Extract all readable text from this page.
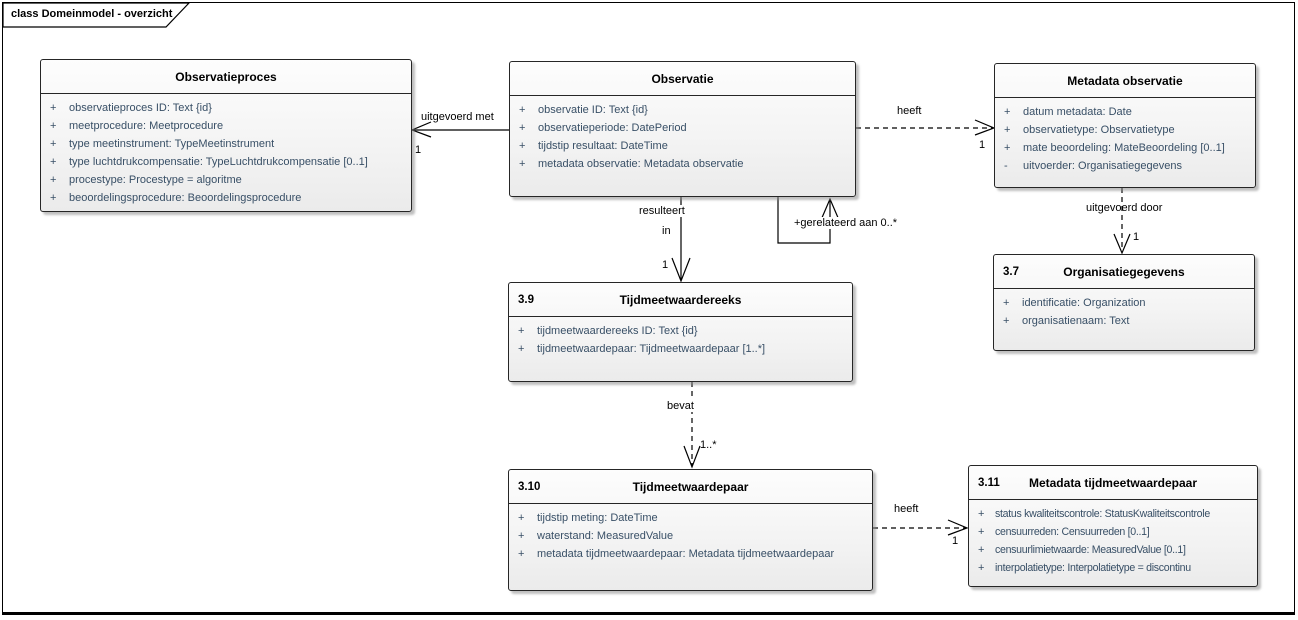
class Domeinmodel - overzicht
Observatieproces
+	observatieproces ID: Text {id}
+	meetprocedure: Meetprocedure
+	type meetinstrument: TypeMeetinstrument
+	type luchtdrukcompensatie: TypeLuchtdrukcompensatie [0..1]
+	procestype: Procestype = algoritme
+	beoordelingsprocedure: Beoordelingsprocedure
Observatie
+	observatie ID: Text {id}
+	observatieperiode: DatePeriod
+	tijdstip resultaat: DateTime
+	metadata observatie: Metadata observatie
Metadata observatie
+	datum metadata: Date
+	observatietype: Observatietype
+	mate beoordeling: MateBeoordeling [0..1]
-	uitvoerder: Organisatiegegevens
3.7	Organisatiegegevens
+	identificatie: Organization
+	organisatienaam: Text
3.9	Tijdmeetwaardereeks
+	tijdmeetwaardereeks ID: Text {id}
+	tijdmeetwaardepaar: Tijdmeetwaardepaar [1..*]
3.10	Tijdmeetwaardepaar
+	tijdstip meting: DateTime
+	waterstand: MeasuredValue
+	metadata tijdmeetwaardepaar: Metadata tijdmeetwaardepaar
3.11 Metadata tijdmeetwaardepaar
+ status kwaliteitscontrole: StatusKwaliteitscontrole
+ censuurreden: Censuurreden [0..1]
+ censuurlimietwaarde: MeasuredValue [0..1]
+ interpolatietype: Interpolatietype = discontinu
uitgevoerd met
1
heeft
1
resulteert
in
1
+gerelateerd aan 0..*
uitgevoerd door
1
bevat
1..*
heeft
1
